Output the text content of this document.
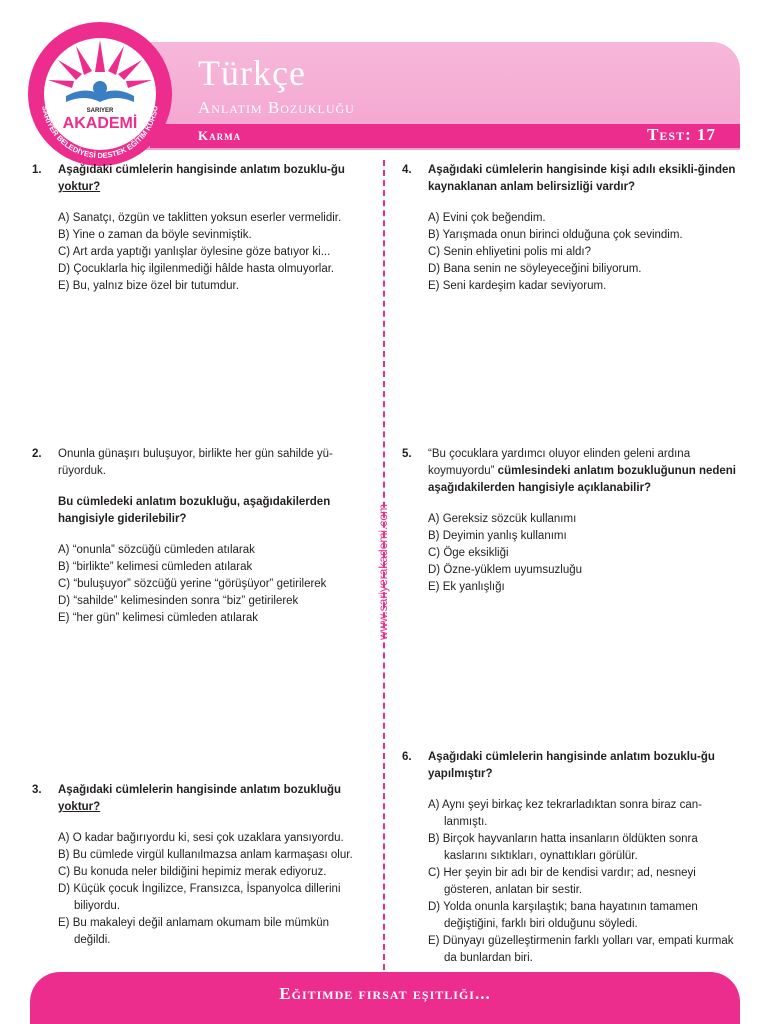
SARIYER
AKADEMİ
SARIYER BELEDİYESİ DESTEK EĞİTİM KURSU
Türkçe
Anlatım Bozukluğu
Karma	Test: 17
www.sariyerakademi.com
1. Aşağıdaki cümlelerin hangisinde anlatım bozuklu-ğu yoktur?
A) Sanatçı, özgün ve taklitten yoksun eserler vermelidir.
B) Yine o zaman da böyle sevinmiştik.
C) Art arda yaptığı yanlışlar öylesine göze batıyor ki...
D) Çocuklarla hiç ilgilenmediği hâlde hasta olmuyorlar.
E) Bu, yalnız bize özel bir tutumdur.
2. Onunla günaşırı buluşuyor, birlikte her gün sahilde yü-rüyorduk.
Bu cümledeki anlatım bozukluğu, aşağıdakilerden hangisiyle giderilebilir?
A) “onunla” sözcüğü cümleden atılarak
B) “birlikte” kelimesi cümleden atılarak
C) “buluşuyor” sözcüğü yerine “görüşüyor” getirilerek
D) “sahilde” kelimesinden sonra “biz” getirilerek
E) “her gün” kelimesi cümleden atılarak
3. Aşağıdaki cümlelerin hangisinde anlatım bozukluğu yoktur?
A) O kadar bağırıyordu ki, sesi çok uzaklara yansıyordu.
B) Bu cümlede virgül kullanılmazsa anlam karmaşası olur.
C) Bu konuda neler bildiğini hepimiz merak ediyoruz.
D) Küçük çocuk İngilizce, Fransızca, İspanyolca dillerini biliyordu.
E) Bu makaleyi değil anlamam okumam bile mümkün değildi.
4. Aşağıdaki cümlelerin hangisinde kişi adılı eksikli-ğinden kaynaklanan anlam belirsizliği vardır?
A) Evini çok beğendim.
B) Yarışmada onun birinci olduğuna çok sevindim.
C) Senin ehliyetini polis mi aldı?
D) Bana senin ne söyleyeceğini biliyorum.
E) Seni kardeşim kadar seviyorum.
5. “Bu çocuklara yardımcı oluyor elinden geleni ardına koymuyordu” cümlesindeki anlatım bozukluğunun nedeni aşağıdakilerden hangisiyle açıklanabilir?
A) Gereksiz sözcük kullanımı
B) Deyimin yanlış kullanımı
C) Öge eksikliği
D) Özne-yüklem uyumsuzluğu
E) Ek yanlışlığı
6. Aşağıdaki cümlelerin hangisinde anlatım bozuklu-ğu yapılmıştır?
A) Aynı şeyi birkaç kez tekrarladıktan sonra biraz can-lanmıştı.
B) Birçok hayvanların hatta insanların öldükten sonra kaslarını sıktıkları, oynattıkları görülür.
C) Her şeyin bir adı bir de kendisi vardır; ad, nesneyi gösteren, anlatan bir sestir.
D) Yolda onunla karşılaştık; bana hayatının tamamen değiştiğini, farklı biri olduğunu söyledi.
E) Dünyayı güzelleştirmenin farklı yolları var, empati kurmak da bunlardan biri.
Eğitimde fırsat eşitliği...
